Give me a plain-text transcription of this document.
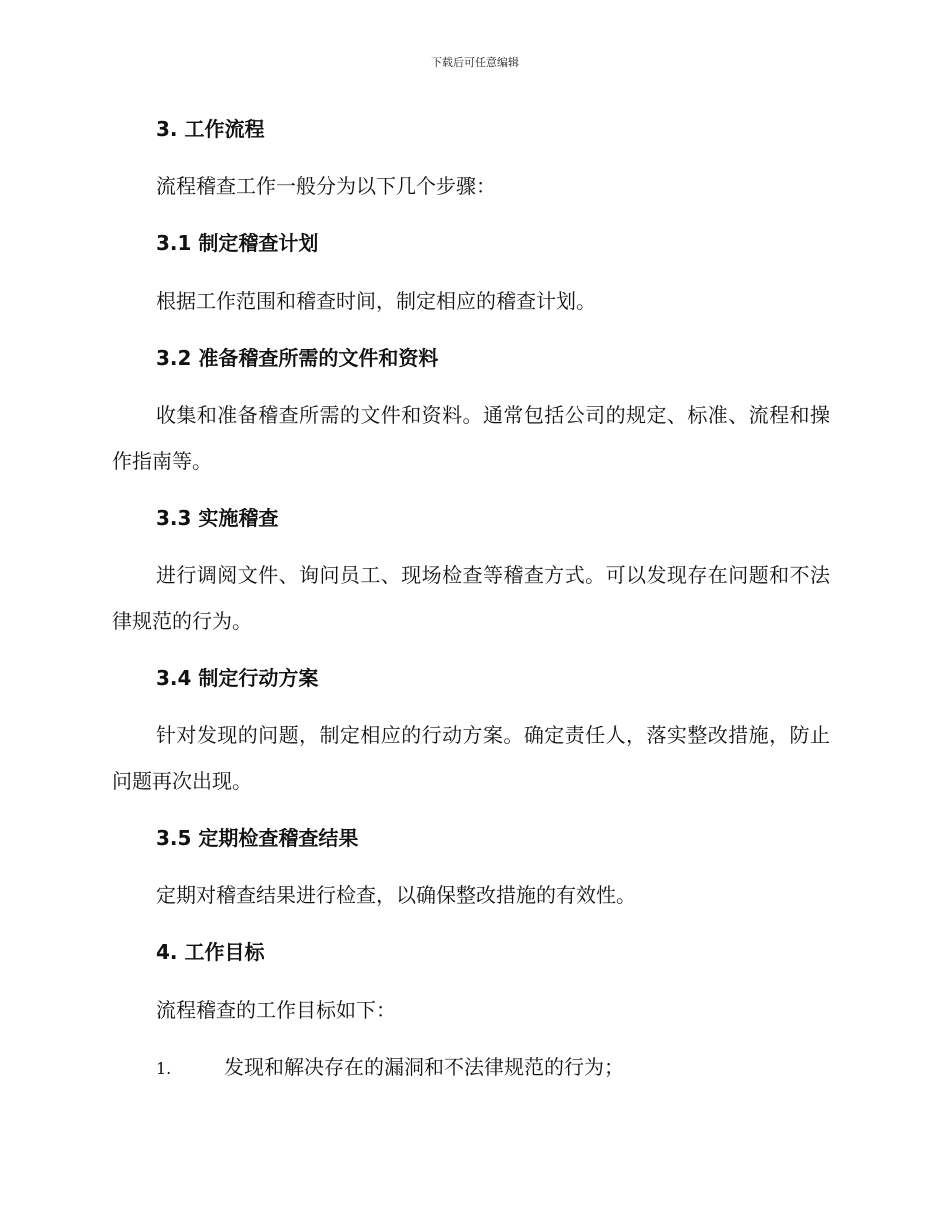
下载后可任意编辑
3. 工作流程
流程稽查工作一般分为以下几个步骤：
3.1 制定稽查计划
根据工作范围和稽查时间，制定相应的稽查计划。
3.2 准备稽查所需的文件和资料
收集和准备稽查所需的文件和资料。通常包括公司的规定、标准、流程和操作指南等。
3.3 实施稽查
进行调阅文件、询问员工、现场检查等稽查方式。可以发现存在问题和不法律规范的行为。
3.4 制定行动方案
针对发现的问题，制定相应的行动方案。确定责任人，落实整改措施，防止问题再次出现。
3.5 定期检查稽查结果
定期对稽查结果进行检查，以确保整改措施的有效性。
4. 工作目标
流程稽查的工作目标如下：
1.	发现和解决存在的漏洞和不法律规范的行为；
